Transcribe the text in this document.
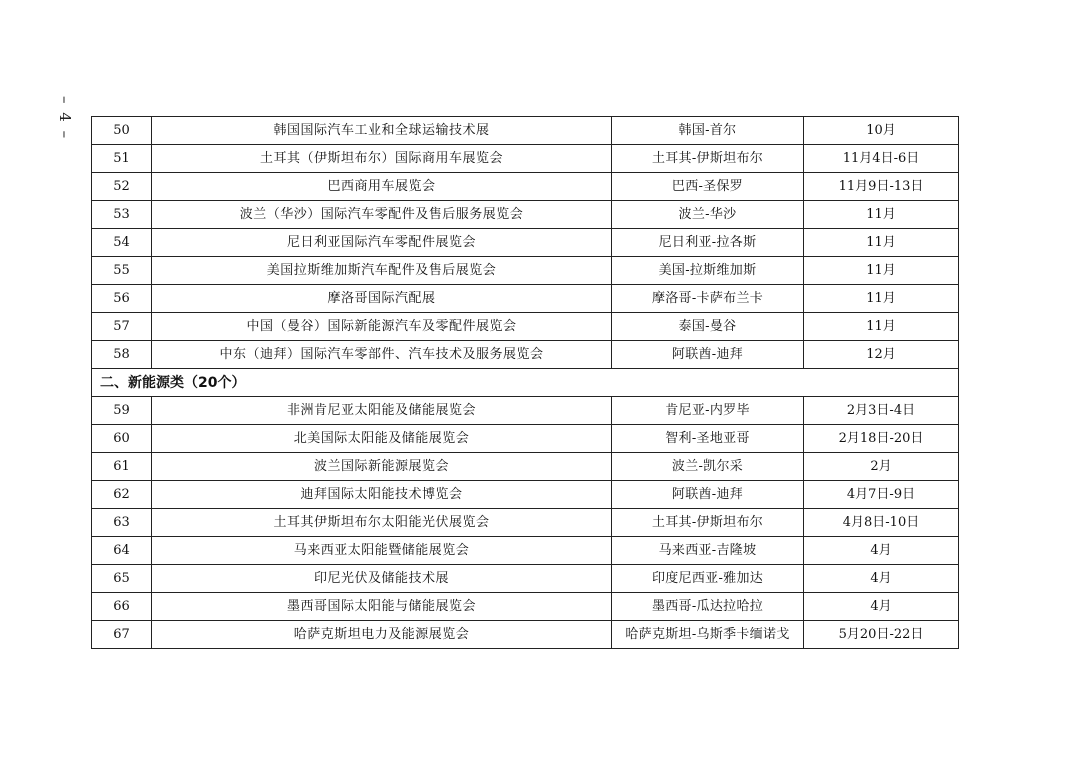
– 4 –	50	韩国国际汽车工业和全球运输技术展	韩国-首尔	10月
51	土耳其（伊斯坦布尔）国际商用车展览会	土耳其-伊斯坦布尔	11月4日-6日
52	巴西商用车展览会	巴西-圣保罗	11月9日-13日
53	波兰（华沙）国际汽车零配件及售后服务展览会	波兰-华沙	11月
54	尼日利亚国际汽车零配件展览会	尼日利亚-拉各斯	11月
55	美国拉斯维加斯汽车配件及售后展览会	美国-拉斯维加斯	11月
56	摩洛哥国际汽配展	摩洛哥-卡萨布兰卡	11月
57	中国（曼谷）国际新能源汽车及零配件展览会	泰国-曼谷	11月
58	中东（迪拜）国际汽车零部件、汽车技术及服务展览会	阿联酋-迪拜	12月
二、新能源类（20个）			
59	非洲肯尼亚太阳能及储能展览会	肯尼亚-内罗毕	2月3日-4日
60	北美国际太阳能及储能展览会	智利-圣地亚哥	2月18日-20日
61	波兰国际新能源展览会	波兰-凯尔采	2月
62	迪拜国际太阳能技术博览会	阿联酋-迪拜	4月7日-9日
63	土耳其伊斯坦布尔太阳能光伏展览会	土耳其-伊斯坦布尔	4月8日-10日
64	马来西亚太阳能暨储能展览会	马来西亚-吉隆坡	4月
65	印尼光伏及储能技术展	印度尼西亚-雅加达	4月
66	墨西哥国际太阳能与储能展览会	墨西哥-瓜达拉哈拉	4月
67	哈萨克斯坦电力及能源展览会	哈萨克斯坦-乌斯季卡缅诺戈	5月20日-22日
